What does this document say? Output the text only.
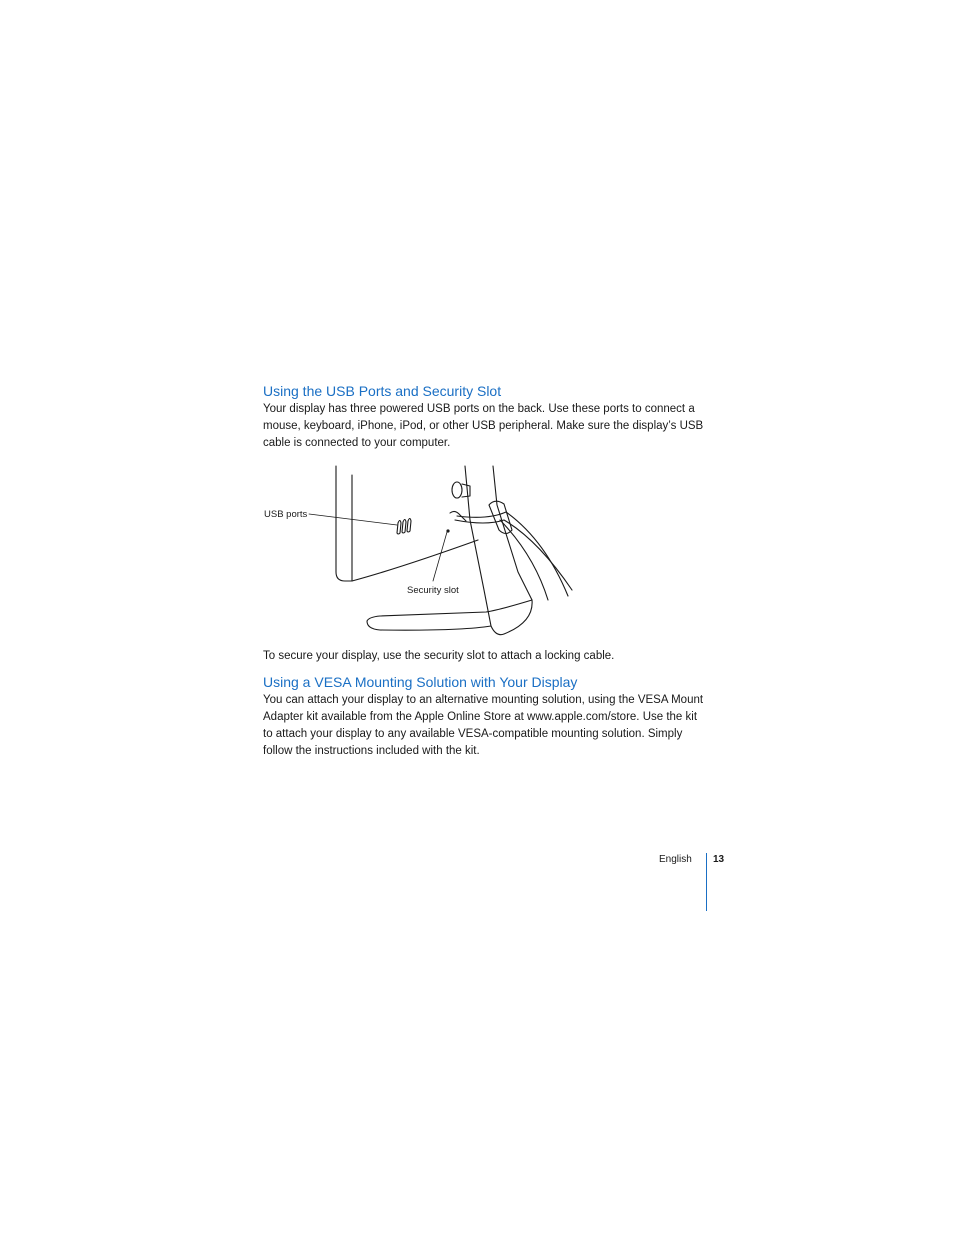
Using the USB Ports and Security Slot

Your display has three powered USB ports on the back. Use these ports to connect a
mouse, keyboard, iPhone, iPod, or other USB peripheral. Make sure the display’s USB
cable is connected to your computer.

USB ports
Security slot

To secure your display, use the security slot to attach a locking cable.

Using a VESA Mounting Solution with Your Display

You can attach your display to an alternative mounting solution, using the VESA Mount
Adapter kit available from the Apple Online Store at www.apple.com/store. Use the kit
to attach your display to any available VESA-compatible mounting solution. Simply
follow the instructions included with the kit.

English 13
